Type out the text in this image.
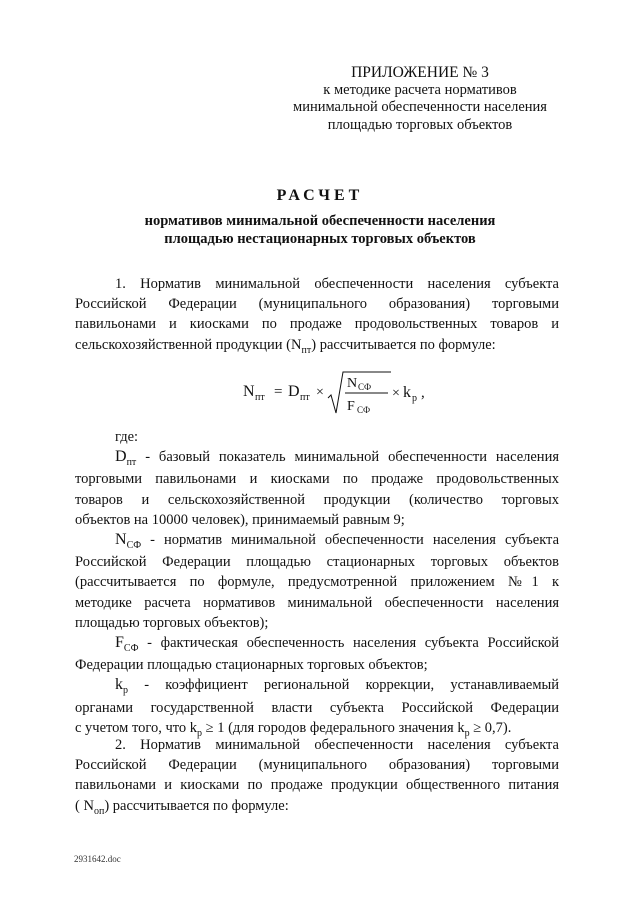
ПРИЛОЖЕНИЕ № 3
к методике расчета нормативов
минимальной обеспеченности населения
площадью торговых объектов
РАСЧЕТ
нормативов минимальной обеспеченности населения
площадью нестационарных торговых объектов
1. Норматив минимальной обеспеченности населения субъекта
Российской Федерации (муниципального образования) торговыми
павильонами и киосками по продаже продовольственных товаров и
сельскохозяйственной продукции $(N_{пт})$ рассчитывается по формуле:
N пт = D пт ×
N СФ
F СФ
× k р ,
где:
$D_{пт}$ - базовый показатель минимальной обеспеченности населения
торговыми павильонами и киосками по продаже продовольственных
товаров и сельскохозяйственной продукции (количество торговых
объектов на 10000 человек), принимаемый равным 9;
$N_{СФ}$ - норматив минимальной обеспеченности населения субъекта
Российской Федерации площадью стационарных торговых объектов
(рассчитывается по формуле, предусмотренной приложением №1 к
методике расчета нормативов минимальной обеспеченности населения
площадью торговых объектов);
$F_{СФ}$ - фактическая обеспеченность населения субъекта Российской
Федерации площадью стационарных торговых объектов;
$k_р$ - коэффициент региональной коррекции, устанавливаемый
органами государственной власти субъекта Российской Федерации
с учетом того, что $k_р \ge 1$ (для городов федерального значения $k_р \ge 0,7$).
2. Норматив минимальной обеспеченности населения субъекта
Российской Федерации (муниципального образования) торговыми
павильонами и киосками по продаже продукции общественного питания
( $N_{оп}$) рассчитывается по формуле:
2931642.doc
